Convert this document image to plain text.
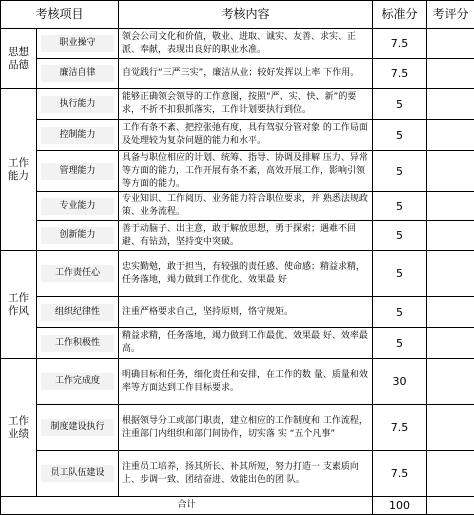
考核项目		考核内容	标准分	考评分
思想 品德	职业操守	领会公司文化和价值，敬业、进取、诚实、友善、求实、正派、奉献，表现出良好的职业水准。	7.5	

	廉洁自律	自觉践行“三严三实”，廉洁从业；较好发挥以上率 下作用。	7.5	
工作 能力	执行能力	能够正确领会领导的工作意图，按照“严、实、快、新”的要求，不折不扣狠抓落实，工作计划要执行到位。	5	

	控制能力	工作有条不紊、把控张弛有度，具有驾驭分管对象 的工作局面及处理较为复杂问题的能力和水平。	5	

	管理能力	具备与职位相应的计划、统筹、指导、协调及排解 压力、异常等方面的能力，工作开展有条不紊，高效开展工作，影响引领等方面的能力。	5	

	专业能力	专业知识、工作阅历、业务能力符合职位要求，并 熟悉法规政策、业务流程。	5	

	创新能力	善于动脑子、出主意，敢于解放思想，勇于探索；遇难不回 避、有钻劲，坚持变中突破。	5	
工作 作风	工作责任心	忠实勤勉，敢于担当，有较强的责任感、使命感；精益求精，任务落地，竭力做到工作优化、效果最 好	5	

	组织纪律性	注重严格要求自己，坚持原则，恪守规矩。	5	

	工作积极性	精益求精，任务落地，竭力做到工作最优、效果最 好、效率最高。	5	
工作 业绩	工作完成度	明确目标和任务，细化责任和安排，在工作的数 量、质量和效率等方面达到工作目标要求。	30	

	制度建设执行	根据领导分工或部门职责，建立相应的工作制度和 工作流程，注重部门内组织和部门间协作，切实落 实 “五个凡事”	7.5	

	员工队伍建设	注重员工培养，扬其所长、补其所短，努力打造一 支素质向上、步调一致、团结奋进、效能出色的团 队。	7.5	
合计			100	
